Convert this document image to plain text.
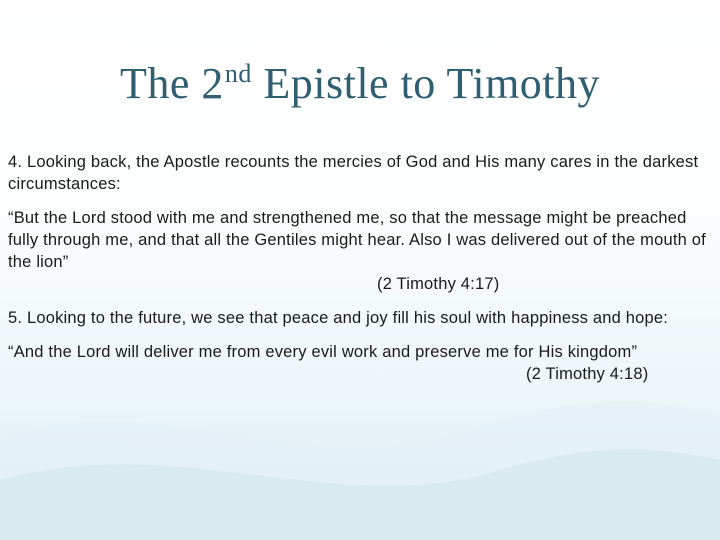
The 2nd Epistle to Timothy

4. Looking back, the Apostle recounts the mercies of God and His many cares in the darkest circumstances:

“But the Lord stood with me and strengthened me, so that the message might be preached fully through me, and that all the Gentiles might hear. Also I was delivered out of the mouth of the lion”
(2 Timothy 4:17)

5. Looking to the future, we see that peace and joy fill his soul with happiness and hope:

“And the Lord will deliver me from every evil work and preserve me for His kingdom”
(2 Timothy 4:18)
